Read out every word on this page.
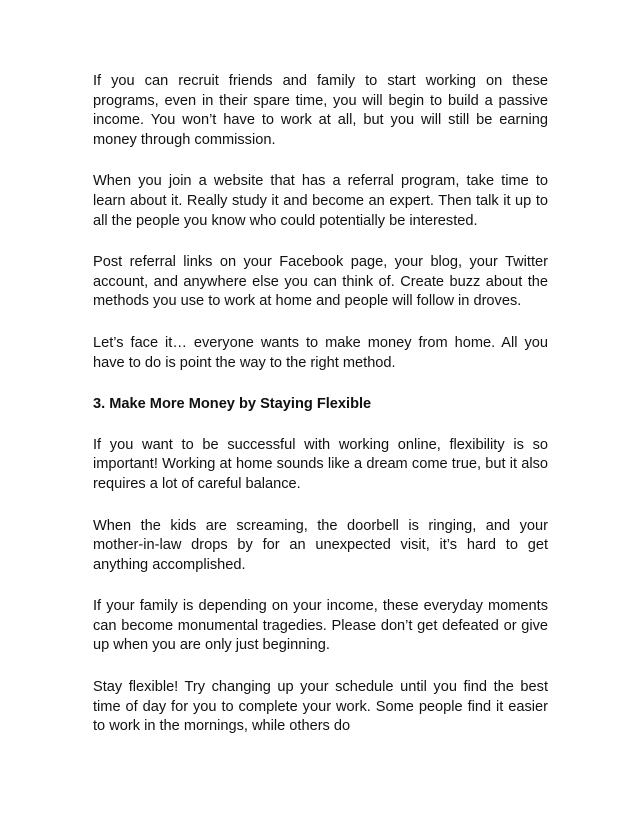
If you can recruit friends and family to start working on these programs, even in their spare time, you will begin to build a passive income. You won’t have to work at all, but you will still be earning money through commission.

When you join a website that has a referral program, take time to learn about it. Really study it and become an expert. Then talk it up to all the people you know who could potentially be interested.

Post referral links on your Facebook page, your blog, your Twitter account, and anywhere else you can think of. Create buzz about the methods you use to work at home and people will follow in droves.

Let’s face it… everyone wants to make money from home. All you have to do is point the way to the right method.

3. Make More Money by Staying Flexible

If you want to be successful with working online, flexibility is so important! Working at home sounds like a dream come true, but it also requires a lot of careful balance.

When the kids are screaming, the doorbell is ringing, and your mother-in-law drops by for an unexpected visit, it’s hard to get anything accomplished.

If your family is depending on your income, these everyday moments can become monumental tragedies. Please don’t get defeated or give up when you are only just beginning.

Stay flexible! Try changing up your schedule until you find the best time of day for you to complete your work. Some people find it easier to work in the mornings, while others do
